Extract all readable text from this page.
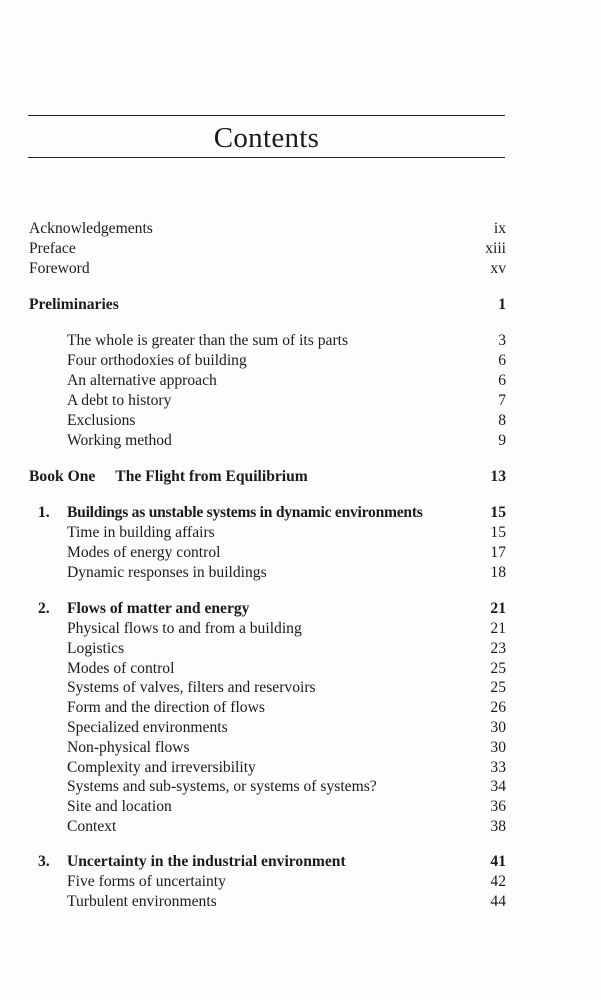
Contents
Acknowledgements	ix
Preface	xiii
Foreword	xv
Preliminaries	1
The whole is greater than the sum of its parts	3
Four orthodoxies of building	6
An alternative approach	6
A debt to history	7
Exclusions	8
Working method	9
Book One The Flight from Equilibrium	13
1. Buildings as unstable systems in dynamic environments	15
Time in building affairs	15
Modes of energy control	17
Dynamic responses in buildings	18
2. Flows of matter and energy	21
Physical flows to and from a building	21
Logistics	23
Modes of control	25
Systems of valves, filters and reservoirs	25
Form and the direction of flows	26
Specialized environments	30
Non-physical flows	30
Complexity and irreversibility	33
Systems and sub-systems, or systems of systems?	34
Site and location	36
Context	38
3. Uncertainty in the industrial environment	41
Five forms of uncertainty	42
Turbulent environments	44
